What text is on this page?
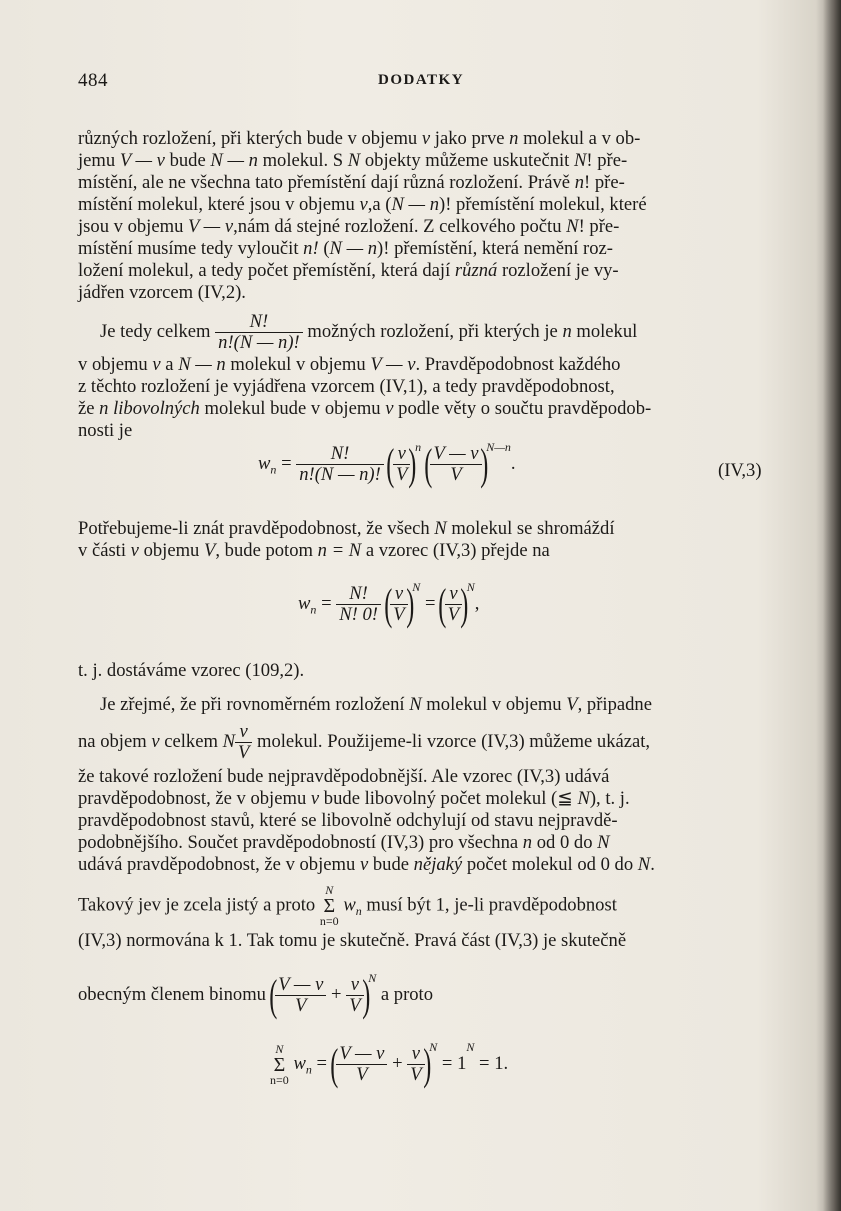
484	DODATKY
různých rozložení, při kterých bude v objemu v jako prve n molekul a v ob-
jemu V — v bude N — n molekul. S N objekty můžeme uskutečnit N! pře-
místění, ale ne všechna tato přemístění dají různá rozložení. Právě n! pře-
místění molekul, které jsou v objemu v,a (N — n)! přemístění molekul, které
jsou v objemu V — v,nám dá stejné rozložení. Z celkového počtu N! pře-
místění musíme tedy vyloučit n! (N — n)! přemístění, která nemění roz-
ložení molekul, a tedy počet přemístění, která dají různá rozložení je vy-
jádřen vzorcem (IV,2).
Je tedy celkem $\frac{N!}{n!(N — n)!}$ možných rozložení, při kterých je n molekul
v objemu v a N — n molekul v objemu V — v. Pravděpodobnost každého
z těchto rozložení je vyjádřena vzorcem (IV,1), a tedy pravděpodobnost,
že n libovolných molekul bude v objemu v podle věty o součtu pravděpodob-
nosti je
$w_n = \frac{N!}{n!(N — n)!}$ (
$\frac{v}{V}$
)$^n$ (
$\frac{V — v}{V}$
)$^{N—n}$.	(IV,3)
Potřebujeme-li znát pravděpodobnost, že všech N molekul se shromáždí
v části v objemu V, bude potom n = N a vzorec (IV,3) přejde na
$w_n = \frac{N!}{N! 0!}$ (
$\frac{v}{V}$
)$^N$ = (
$\frac{v}{V}$
)$^N$,
t. j. dostáváme vzorec (109,2).
Je zřejmé, že při rovnoměrném rozložení N molekul v objemu V, připadne
na objem v celkem N $\frac{v}{V}$ molekul. Použijeme-li vzorce (IV,3) můžeme ukázat,
že takové rozložení bude nejpravděpodobnější. Ale vzorec (IV,3) udává
pravděpodobnost, že v objemu v bude libovolný počet molekul (≦ N), t. j.
pravděpodobnost stavů, které se libovolně odchylují od stavu nejpravdě-
podobnějšího. Součet pravděpodobností (IV,3) pro všechna n od 0 do N
udává pravděpodobnost, že v objemu v bude nějaký počet molekul od 0 do N.
Takový jev je zcela jistý a proto N
Σ
n=0 $w_n$ musí být 1, je-li pravděpodobnost
(IV,3) normována k 1. Tak tomu je skutečně. Pravá část (IV,3) je skutečně
obecným členem binomu (
$\frac{V — v}{V} + \frac{v}{V}$
)$^N$ a proto
N
Σ
n=0 $w_n$ = (
$\frac{V — v}{V} + \frac{v}{V}$
)$^N = 1^N = 1$.
